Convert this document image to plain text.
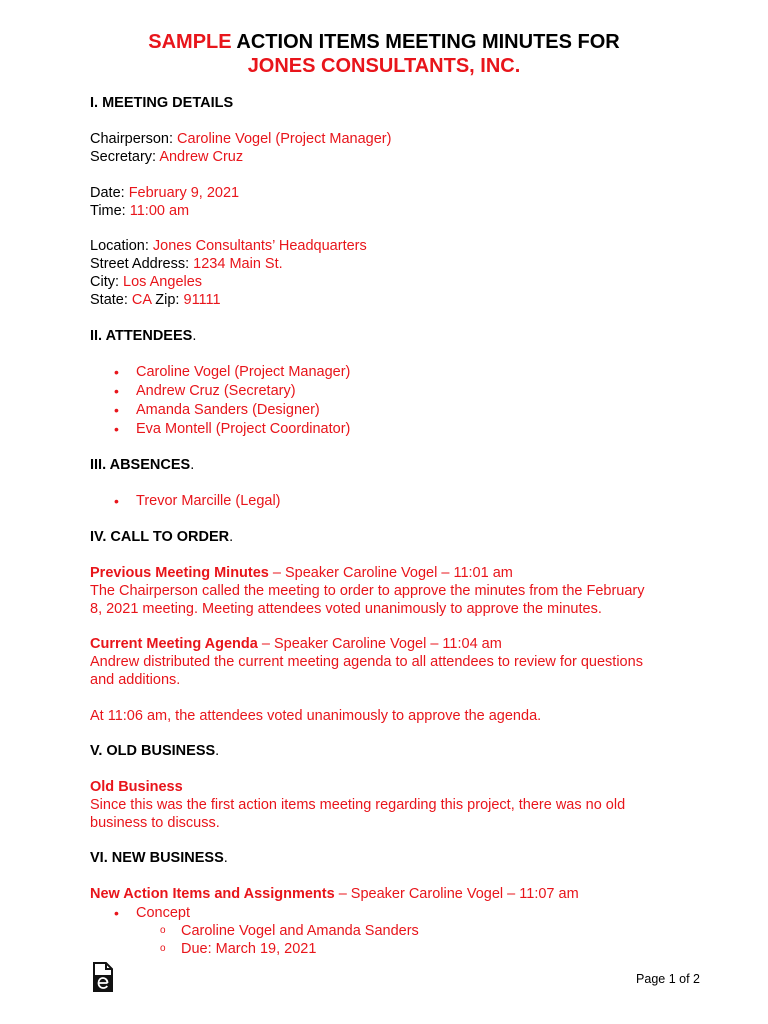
SAMPLE ACTION ITEMS MEETING MINUTES FOR
JONES CONSULTANTS, INC.
I. MEETING DETAILS
Chairperson: Caroline Vogel (Project Manager)
Secretary: Andrew Cruz
Date: February 9, 2021
Time: 11:00 am
Location: Jones Consultants’ Headquarters
Street Address: 1234 Main St.
City: Los Angeles
State: CA Zip: 91111
II. ATTENDEES.
• Caroline Vogel (Project Manager)
• Andrew Cruz (Secretary)
• Amanda Sanders (Designer)
• Eva Montell (Project Coordinator)
III. ABSENCES.
• Trevor Marcille (Legal)
IV. CALL TO ORDER.
Previous Meeting Minutes – Speaker Caroline Vogel – 11:01 am
The Chairperson called the meeting to order to approve the minutes from the February
8, 2021 meeting. Meeting attendees voted unanimously to approve the minutes.
Current Meeting Agenda – Speaker Caroline Vogel – 11:04 am
Andrew distributed the current meeting agenda to all attendees to review for questions
and additions.
At 11:06 am, the attendees voted unanimously to approve the agenda.
V. OLD BUSINESS.
Old Business
Since this was the first action items meeting regarding this project, there was no old
business to discuss.
VI. NEW BUSINESS.
New Action Items and Assignments – Speaker Caroline Vogel – 11:07 am
• Concept
o Caroline Vogel and Amanda Sanders
o Due: March 19, 2021
Page 1 of 2
